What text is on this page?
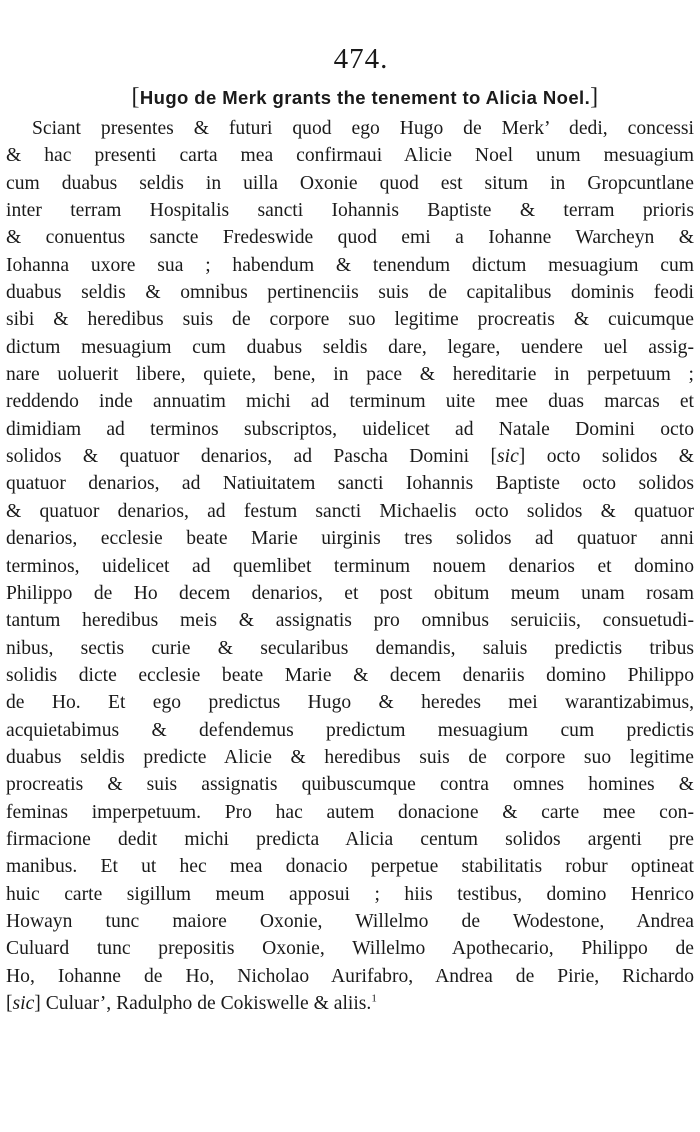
474.
[Hugo de Merk grants the tenement to Alicia Noel.]
Sciant presentes & futuri quod ego Hugo de Merk’ dedi, concessi
& hac presenti carta mea confirmaui Alicie Noel unum mesuagium
cum duabus seldis in uilla Oxonie quod est situm in Gropcuntlane
inter terram Hospitalis sancti Iohannis Baptiste & terram prioris
& conuentus sancte Fredeswide quod emi a Iohanne Warcheyn &
Iohanna uxore sua ; habendum & tenendum dictum mesuagium cum
duabus seldis & omnibus pertinenciis suis de capitalibus dominis feodi
sibi & heredibus suis de corpore suo legitime procreatis & cuicumque
dictum mesuagium cum duabus seldis dare, legare, uendere uel assig-
nare uoluerit libere, quiete, bene, in pace & hereditarie in perpetuum ;
reddendo inde annuatim michi ad terminum uite mee duas marcas et
dimidiam ad terminos subscriptos, uidelicet ad Natale Domini octo
solidos & quatuor denarios, ad Pascha Domini [sic] octo solidos &
quatuor denarios, ad Natiuitatem sancti Iohannis Baptiste octo solidos
& quatuor denarios, ad festum sancti Michaelis octo solidos & quatuor
denarios, ecclesie beate Marie uirginis tres solidos ad quatuor anni
terminos, uidelicet ad quemlibet terminum nouem denarios et domino
Philippo de Ho decem denarios, et post obitum meum unam rosam
tantum heredibus meis & assignatis pro omnibus seruiciis, consuetudi-
nibus, sectis curie & secularibus demandis, saluis predictis tribus
solidis dicte ecclesie beate Marie & decem denariis domino Philippo
de Ho. Et ego predictus Hugo & heredes mei warantizabimus,
acquietabimus & defendemus predictum mesuagium cum predictis
duabus seldis predicte Alicie & heredibus suis de corpore suo legitime
procreatis & suis assignatis quibuscumque contra omnes homines &
feminas imperpetuum. Pro hac autem donacione & carte mee con-
firmacione dedit michi predicta Alicia centum solidos argenti pre
manibus. Et ut hec mea donacio perpetue stabilitatis robur optineat
huic carte sigillum meum apposui ; hiis testibus, domino Henrico
Howayn tunc maiore Oxonie, Willelmo de Wodestone, Andrea
Culuard tunc prepositis Oxonie, Willelmo Apothecario, Philippo de
Ho, Iohanne de Ho, Nicholao Aurifabro, Andrea de Pirie, Richardo
[sic] Culuar’, Radulpho de Cokiswelle & aliis.$^1$
